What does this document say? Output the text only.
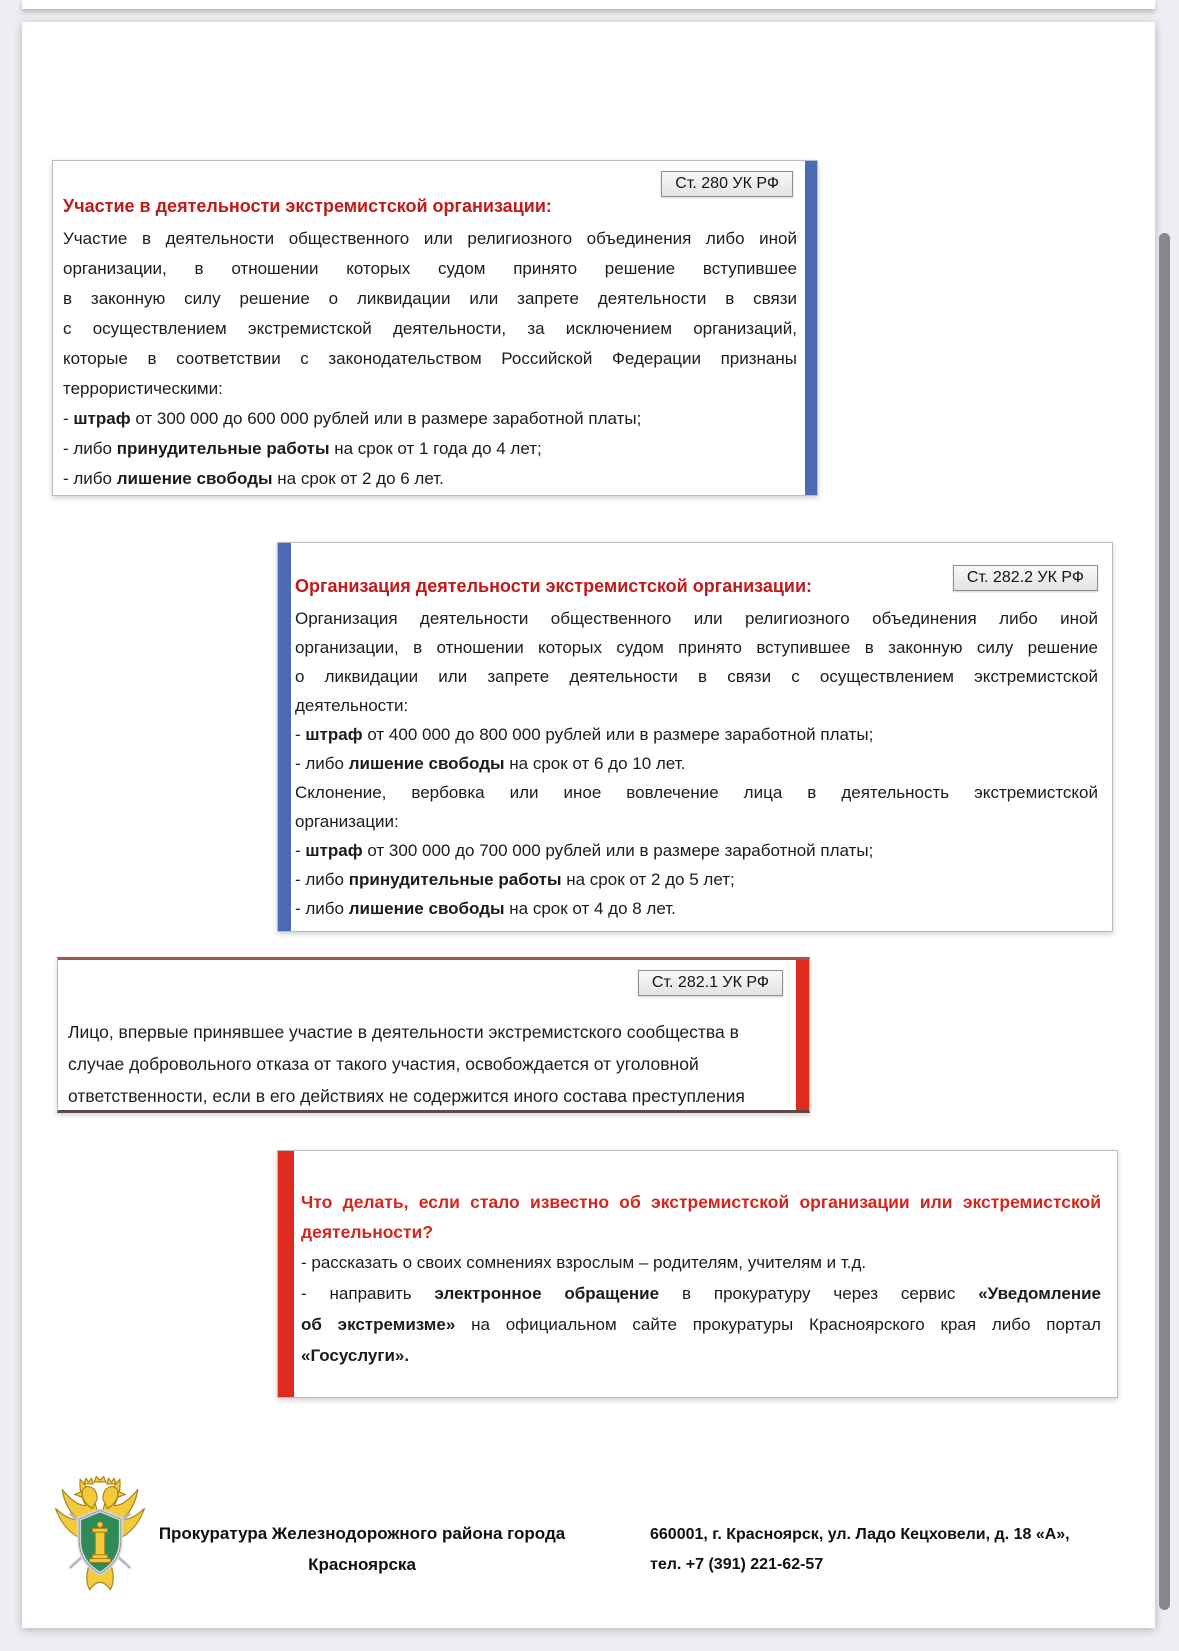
Ст. 280 УК РФ
Участие в деятельности экстремистской организации:
Участие в деятельности общественного или религиозного объединения либо иной
организации, в отношении которых судом принято решение вступившее
в законную силу решение о ликвидации или запрете деятельности в связи
с осуществлением экстремистской деятельности, за исключением организаций,
которые в соответствии с законодательством Российской Федерации признаны
террористическими:
- штраф от 300 000 до 600 000 рублей или в размере заработной платы;
- либо принудительные работы на срок от 1 года до 4 лет;
- либо лишение свободы на срок от 2 до 6 лет.
Ст. 282.2 УК РФ
Организация деятельности экстремистской организации:
Организация деятельности общественного или религиозного объединения либо иной
организации, в отношении которых судом принято вступившее в законную силу решение
о ликвидации или запрете деятельности в связи с осуществлением экстремистской
деятельности:
- штраф от 400 000 до 800 000 рублей или в размере заработной платы;
- либо лишение свободы на срок от 6 до 10 лет.
Склонение, вербовка или иное вовлечение лица в деятельность экстремистской
организации:
- штраф от 300 000 до 700 000 рублей или в размере заработной платы;
- либо принудительные работы на срок от 2 до 5 лет;
- либо лишение свободы на срок от 4 до 8 лет.
Ст. 282.1 УК РФ
Лицо, впервые принявшее участие в деятельности экстремистского сообщества в
случае добровольного отказа от такого участия, освобождается от уголовной
ответственности, если в его действиях не содержится иного состава преступления
Что делать, если стало известно об экстремистской организации или экстремистской
деятельности?
- рассказать о своих сомнениях взрослым – родителям, учителям и т.д.
- направить электронное обращение в прокуратуру через сервис «Уведомление
об экстремизме» на официальном сайте прокуратуры Красноярского края либо портал
«Госуслуги».
Прокуратура Железнодорожного района города
Красноярска
660001, г. Красноярск, ул. Ладо Кецховели, д. 18 «А»,
тел. +7 (391) 221-62-57
